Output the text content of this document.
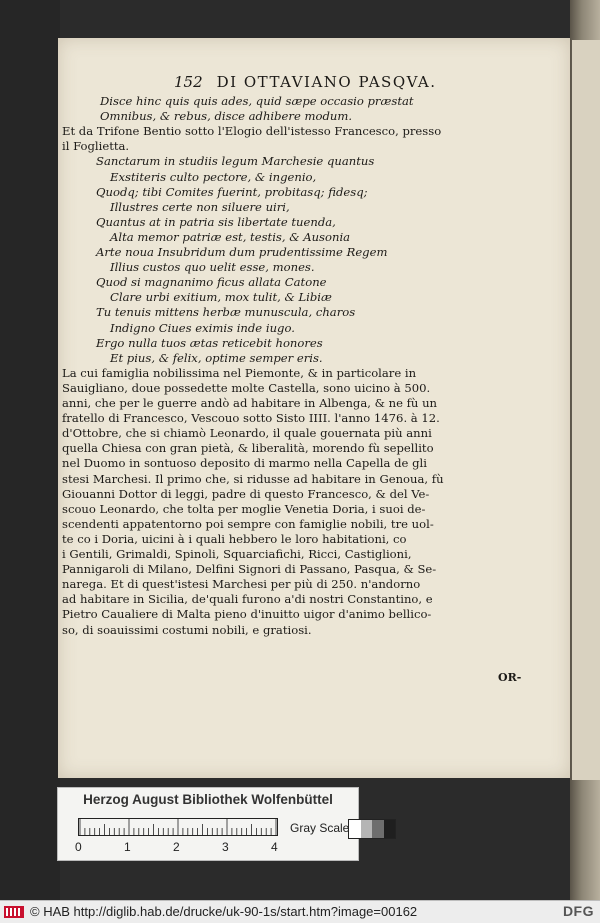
152 DI OTTAVIANO PASQVA.
Disce hinc quis quis ades, quid sæpe occasio præstat
Omnibus, & rebus, disce adhibere modum.
Et da Trifone Bentio sotto l'Elogio dell'istesso Francesco, presso
il Foglietta.
Sanctarum in studiis legum Marchesie quantus
Exstiteris culto pectore, & ingenio,
Quodq; tibi Comites fuerint, probitasq; fidesq;
Illustres certe non siluere uiri,
Quantus at in patria sis libertate tuenda,
Alta memor patriæ est, testis, & Ausonia
Arte noua Insubridum dum prudentissime Regem
Illius custos quo uelit esse, mones.
Quod si magnanimo ficus allata Catone
Clare urbi exitium, mox tulit, & Libiæ
Tu tenuis mittens herbæ munuscula, charos
Indigno Ciues eximis inde iugo.
Ergo nulla tuos ætas reticebit honores
Et pius, & felix, optime semper eris.
La cui famiglia nobilissima nel Piemonte, & in particolare in
Sauigliano, doue possedette molte Castella, sono uicino à 500.
anni, che per le guerre andò ad habitare in Albenga, & ne fù un
fratello di Francesco, Vescouo sotto Sisto IIII. l'anno 1476. à 12.
d'Ottobre, che si chiamò Leonardo, il quale gouernata più anni
quella Chiesa con gran pietà, & liberalità, morendo fù sepellito
nel Duomo in sontuoso deposito di marmo nella Capella de gli
stesi Marchesi. Il primo che, si ridusse ad habitare in Genoua, fù
Giouanni Dottor di leggi, padre di questo Francesco, & del Ve-
scouo Leonardo, che tolta per moglie Venetia Doria, i suoi de-
scendenti appatentorno poi sempre con famiglie nobili, tre uol-
te co i Doria, uicini à i quali hebbero le loro habitationi, co
i Gentili, Grimaldi, Spinoli, Squarciafichi, Ricci, Castiglioni,
Pannigaroli di Milano, Delfini Signori di Passano, Pasqua, & Se-
narega. Et di quest'istesi Marchesi per più di 250. n'andorno
ad habitare in Sicilia, de'quali furono a'di nostri Constantino, e
Pietro Caualiere di Malta pieno d'inuitto uigor d'animo bellico-
so, di soauissimi costumi nobili, e gratiosi.
OR-
Herzog August Bibliothek Wolfenbüttel
0	1	2	3	4
Gray Scale
© HAB http://diglib.hab.de/drucke/uk-90-1s/start.htm?image=00162	DFG
